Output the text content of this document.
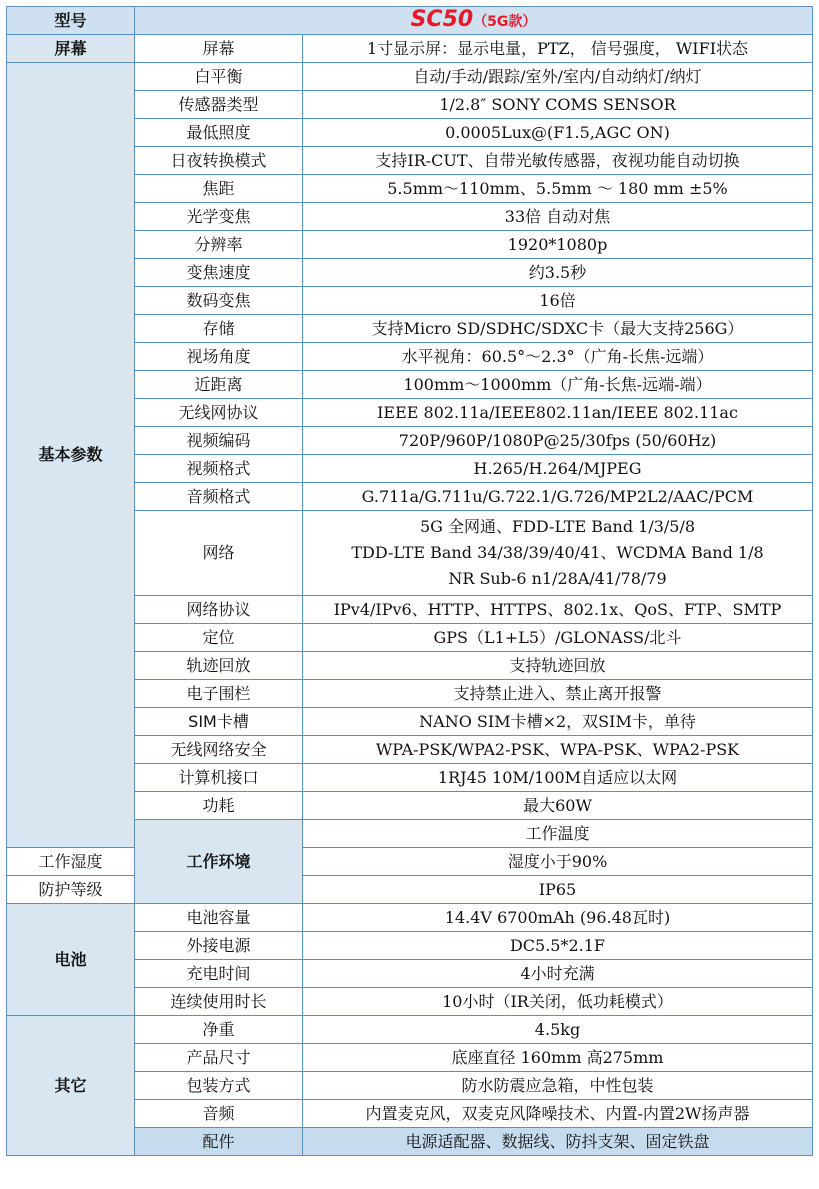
型号	SC50（5G款）		
屏幕	屏幕	1寸显示屏：显示电量，PTZ， 信号强度， WIFI状态	
基本参数	白平衡	自动/手动/跟踪/室外/室内/自动纳灯/纳灯	
	传感器类型	1/2.8″ SONY COMS SENSOR	
	最低照度	0.0005Lux@(F1.5,AGC ON)	
	日夜转换模式	支持IR-CUT、自带光敏传感器，夜视功能自动切换	
	焦距	5.5mm～110mm、5.5mm ～ 180 mm ±5%	
	光学变焦	33倍 自动对焦	
	分辨率	1920*1080p	
	变焦速度	约3.5秒	
	数码变焦	16倍	
	存储	支持Micro SD/SDHC/SDXC卡（最大支持256G）	
	视场角度	水平视角：60.5°～2.3°（广角-长焦-远端）	
	近距离	100mm～1000mm（广角-长焦-远端-端）	
	无线网协议	IEEE 802.11a/IEEE802.11an/IEEE 802.11ac	
	视频编码	720P/960P/1080P@25/30fps (50/60Hz)	
	视频格式	H.265/H.264/MJPEG	
	音频格式	G.711a/G.711u/G.722.1/G.726/MP2L2/AAC/PCM	
	网络	5G 全网通、FDD-LTE Band 1/3/5/8
TDD-LTE Band 34/38/39/40/41、WCDMA Band 1/8
NR Sub-6 n1/28A/41/78/79	

	网络协议	IPv4/IPv6、HTTP、HTTPS、802.1x、QoS、FTP、SMTP	
	定位	GPS（L1+L5）/GLONASS/北斗	
	轨迹回放	支持轨迹回放	
	电子围栏	支持禁止进入、禁止离开报警	
	SIM卡槽	NANO SIM卡槽×2，双SIM卡，单待	
	无线网络安全	WPA-PSK/WPA2-PSK、WPA-PSK、WPA2-PSK	
	计算机接口	1RJ45 10M/100M自适应以太网	
	功耗	最大60W	
	工作环境	工作温度	
工作湿度		湿度小于90%	
防护等级		IP65	
电池	电池容量	14.4V 6700mAh (96.48瓦时)	
	外接电源	DC5.5*2.1F	
	充电时间	4小时充满	
	连续使用时长	10小时（IR关闭，低功耗模式）	
其它	净重	4.5kg	
	产品尺寸	底座直径 160mm 高275mm	
	包装方式	防水防震应急箱，中性包装	
	音频	内置麦克风，双麦克风降噪技术、内置-内置2W扬声器	
	配件	电源适配器、数据线、防抖支架、固定铁盘	
